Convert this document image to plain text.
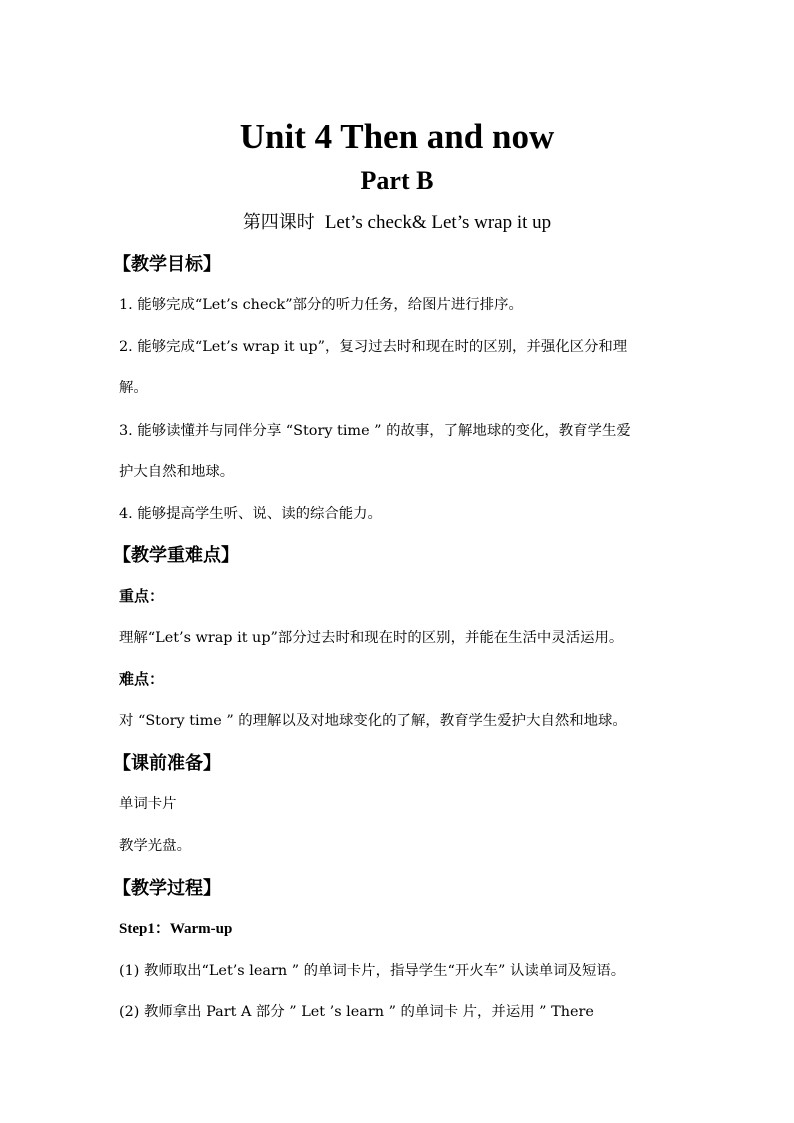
Unit 4 Then and now
Part B
第四课时 Let’s check& Let’s wrap it up
【教学目标】
1. 能够完成“Let’s check”部分的听力任务，给图片进行排序。
2. 能够完成“Let’s wrap it up”，复习过去时和现在时的区别，并强化区分和理
解。
3. 能够读懂并与同伴分享 “Story time ” 的故事，了解地球的变化，教育学生爱
护大自然和地球。
4. 能够提高学生听、说、读的综合能力。
【教学重难点】
重点：
理解“Let’s wrap it up”部分过去时和现在时的区别，并能在生活中灵活运用。
难点：
对 “Story time ” 的理解以及对地球变化的了解，教育学生爱护大自然和地球。
【课前准备】
单词卡片
教学光盘。
【教学过程】
Step1：Warm-up
(1) 教师取出“Let’s learn ” 的单词卡片，指导学生“开火车” 认读单词及短语。
(2) 教师拿出 Part A 部分 ” Let ’s learn ” 的单词卡 片，并运用 ” There
